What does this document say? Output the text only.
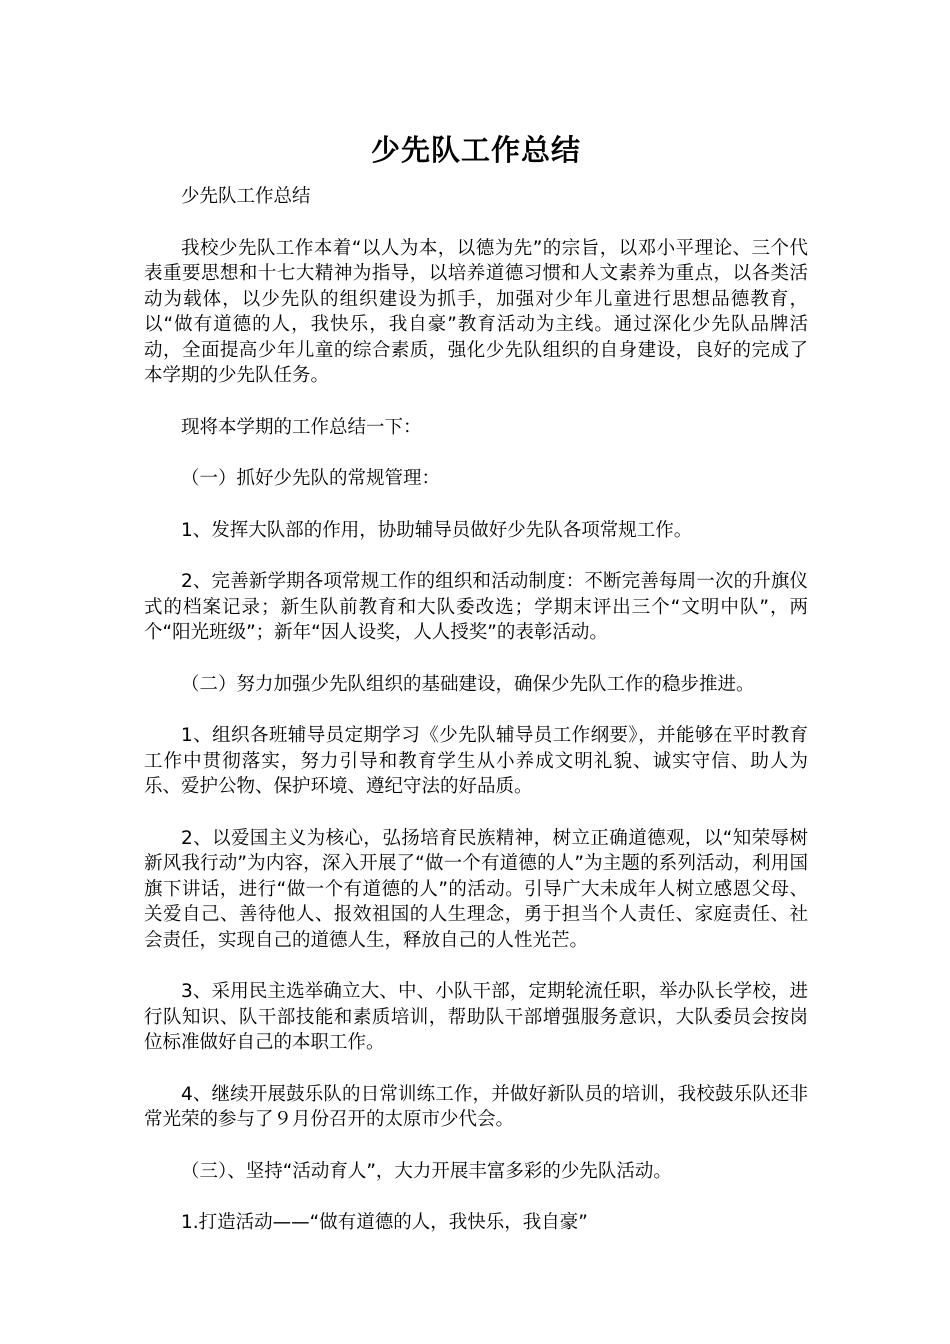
少先队工作总结

少先队工作总结

我校少先队工作本着“以人为本，以德为先”的宗旨，以邓小平理论、三个代表重要思想和十七大精神为指导，以培养道德习惯和人文素养为重点，以各类活动为载体，以少先队的组织建设为抓手，加强对少年儿童进行思想品德教育，以“做有道德的人，我快乐，我自豪”教育活动为主线。通过深化少先队品牌活动，全面提高少年儿童的综合素质，强化少先队组织的自身建设，良好的完成了本学期的少先队任务。

现将本学期的工作总结一下：

（一）抓好少先队的常规管理：

1、发挥大队部的作用，协助辅导员做好少先队各项常规工作。

2、完善新学期各项常规工作的组织和活动制度：不断完善每周一次的升旗仪式的档案记录；新生队前教育和大队委改选；学期末评出三个“文明中队”，两个“阳光班级”；新年“因人设奖，人人授奖”的表彰活动。

（二）努力加强少先队组织的基础建设，确保少先队工作的稳步推进。

1、组织各班辅导员定期学习《少先队辅导员工作纲要》，并能够在平时教育工作中贯彻落实，努力引导和教育学生从小养成文明礼貌、诚实守信、助人为乐、爱护公物、保护环境、遵纪守法的好品质。

2、以爱国主义为核心，弘扬培育民族精神，树立正确道德观，以“知荣辱树新风我行动”为内容，深入开展了“做一个有道德的人”为主题的系列活动，利用国旗下讲话，进行“做一个有道德的人”的活动。引导广大未成年人树立感恩父母、关爱自己、善待他人、报效祖国的人生理念，勇于担当个人责任、家庭责任、社会责任，实现自己的道德人生，释放自己的人性光芒。

3、采用民主选举确立大、中、小队干部，定期轮流任职，举办队长学校，进行队知识、队干部技能和素质培训，帮助队干部增强服务意识，大队委员会按岗位标准做好自己的本职工作。

4、继续开展鼓乐队的日常训练工作，并做好新队员的培训，我校鼓乐队还非常光荣的参与了９月份召开的太原市少代会。

（三）、坚持“活动育人”，大力开展丰富多彩的少先队活动。

1.打造活动——“做有道德的人，我快乐，我自豪”
